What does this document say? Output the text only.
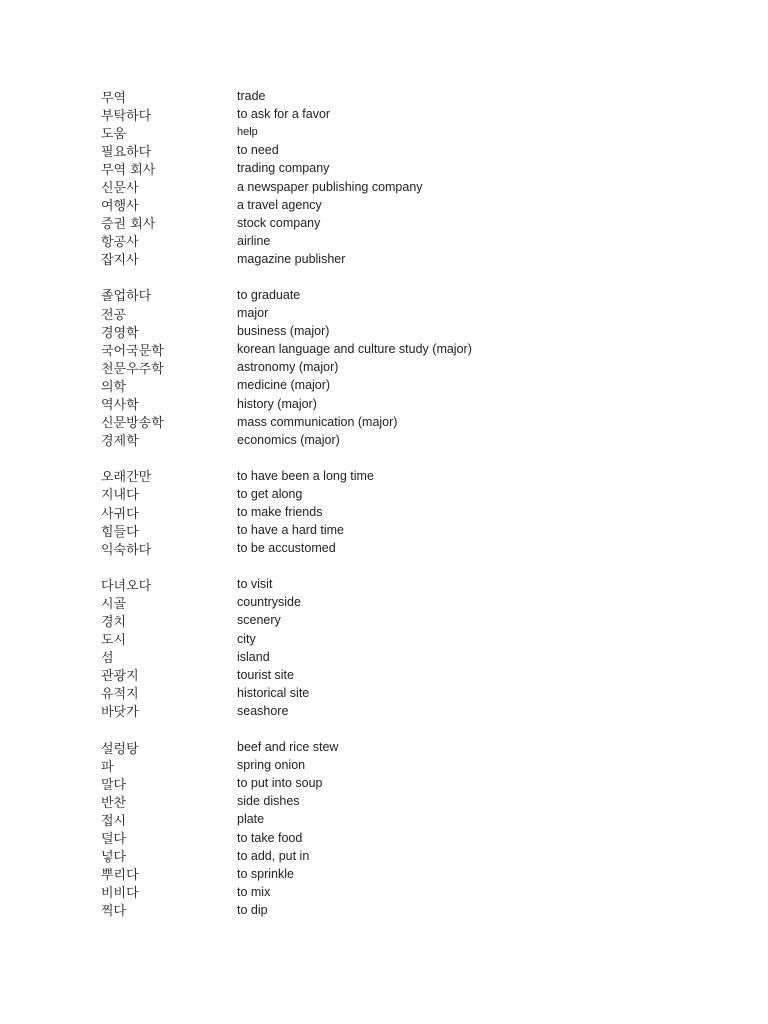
무역	trade
부탁하다	to ask for a favor
도움	help
필요하다	to need
무역 회사	trading company
신문사	a newspaper publishing company
여행사	a travel agency
증권 회사	stock company
항공사	airline
잡지사	magazine publisher
졸업하다	to graduate
전공	major
경영학	business (major)
국어국문학	korean language and culture study (major)
천문우주학	astronomy (major)
의학	medicine (major)
역사학	history (major)
신문방송학	mass communication (major)
경제학	economics (major)
오래간만	to have been a long time
지내다	to get along
사귀다	to make friends
힘들다	to have a hard time
익숙하다	to be accustomed
다녀오다	to visit
시골	countryside
경치	scenery
도시	city
섬	island
관광지	tourist site
유적지	historical site
바닷가	seashore
설렁탕	beef and rice stew
파	spring onion
말다	to put into soup
반찬	side dishes
접시	plate
덜다	to take food
넣다	to add, put in
뿌리다	to sprinkle
비비다	to mix
찍다	to dip
